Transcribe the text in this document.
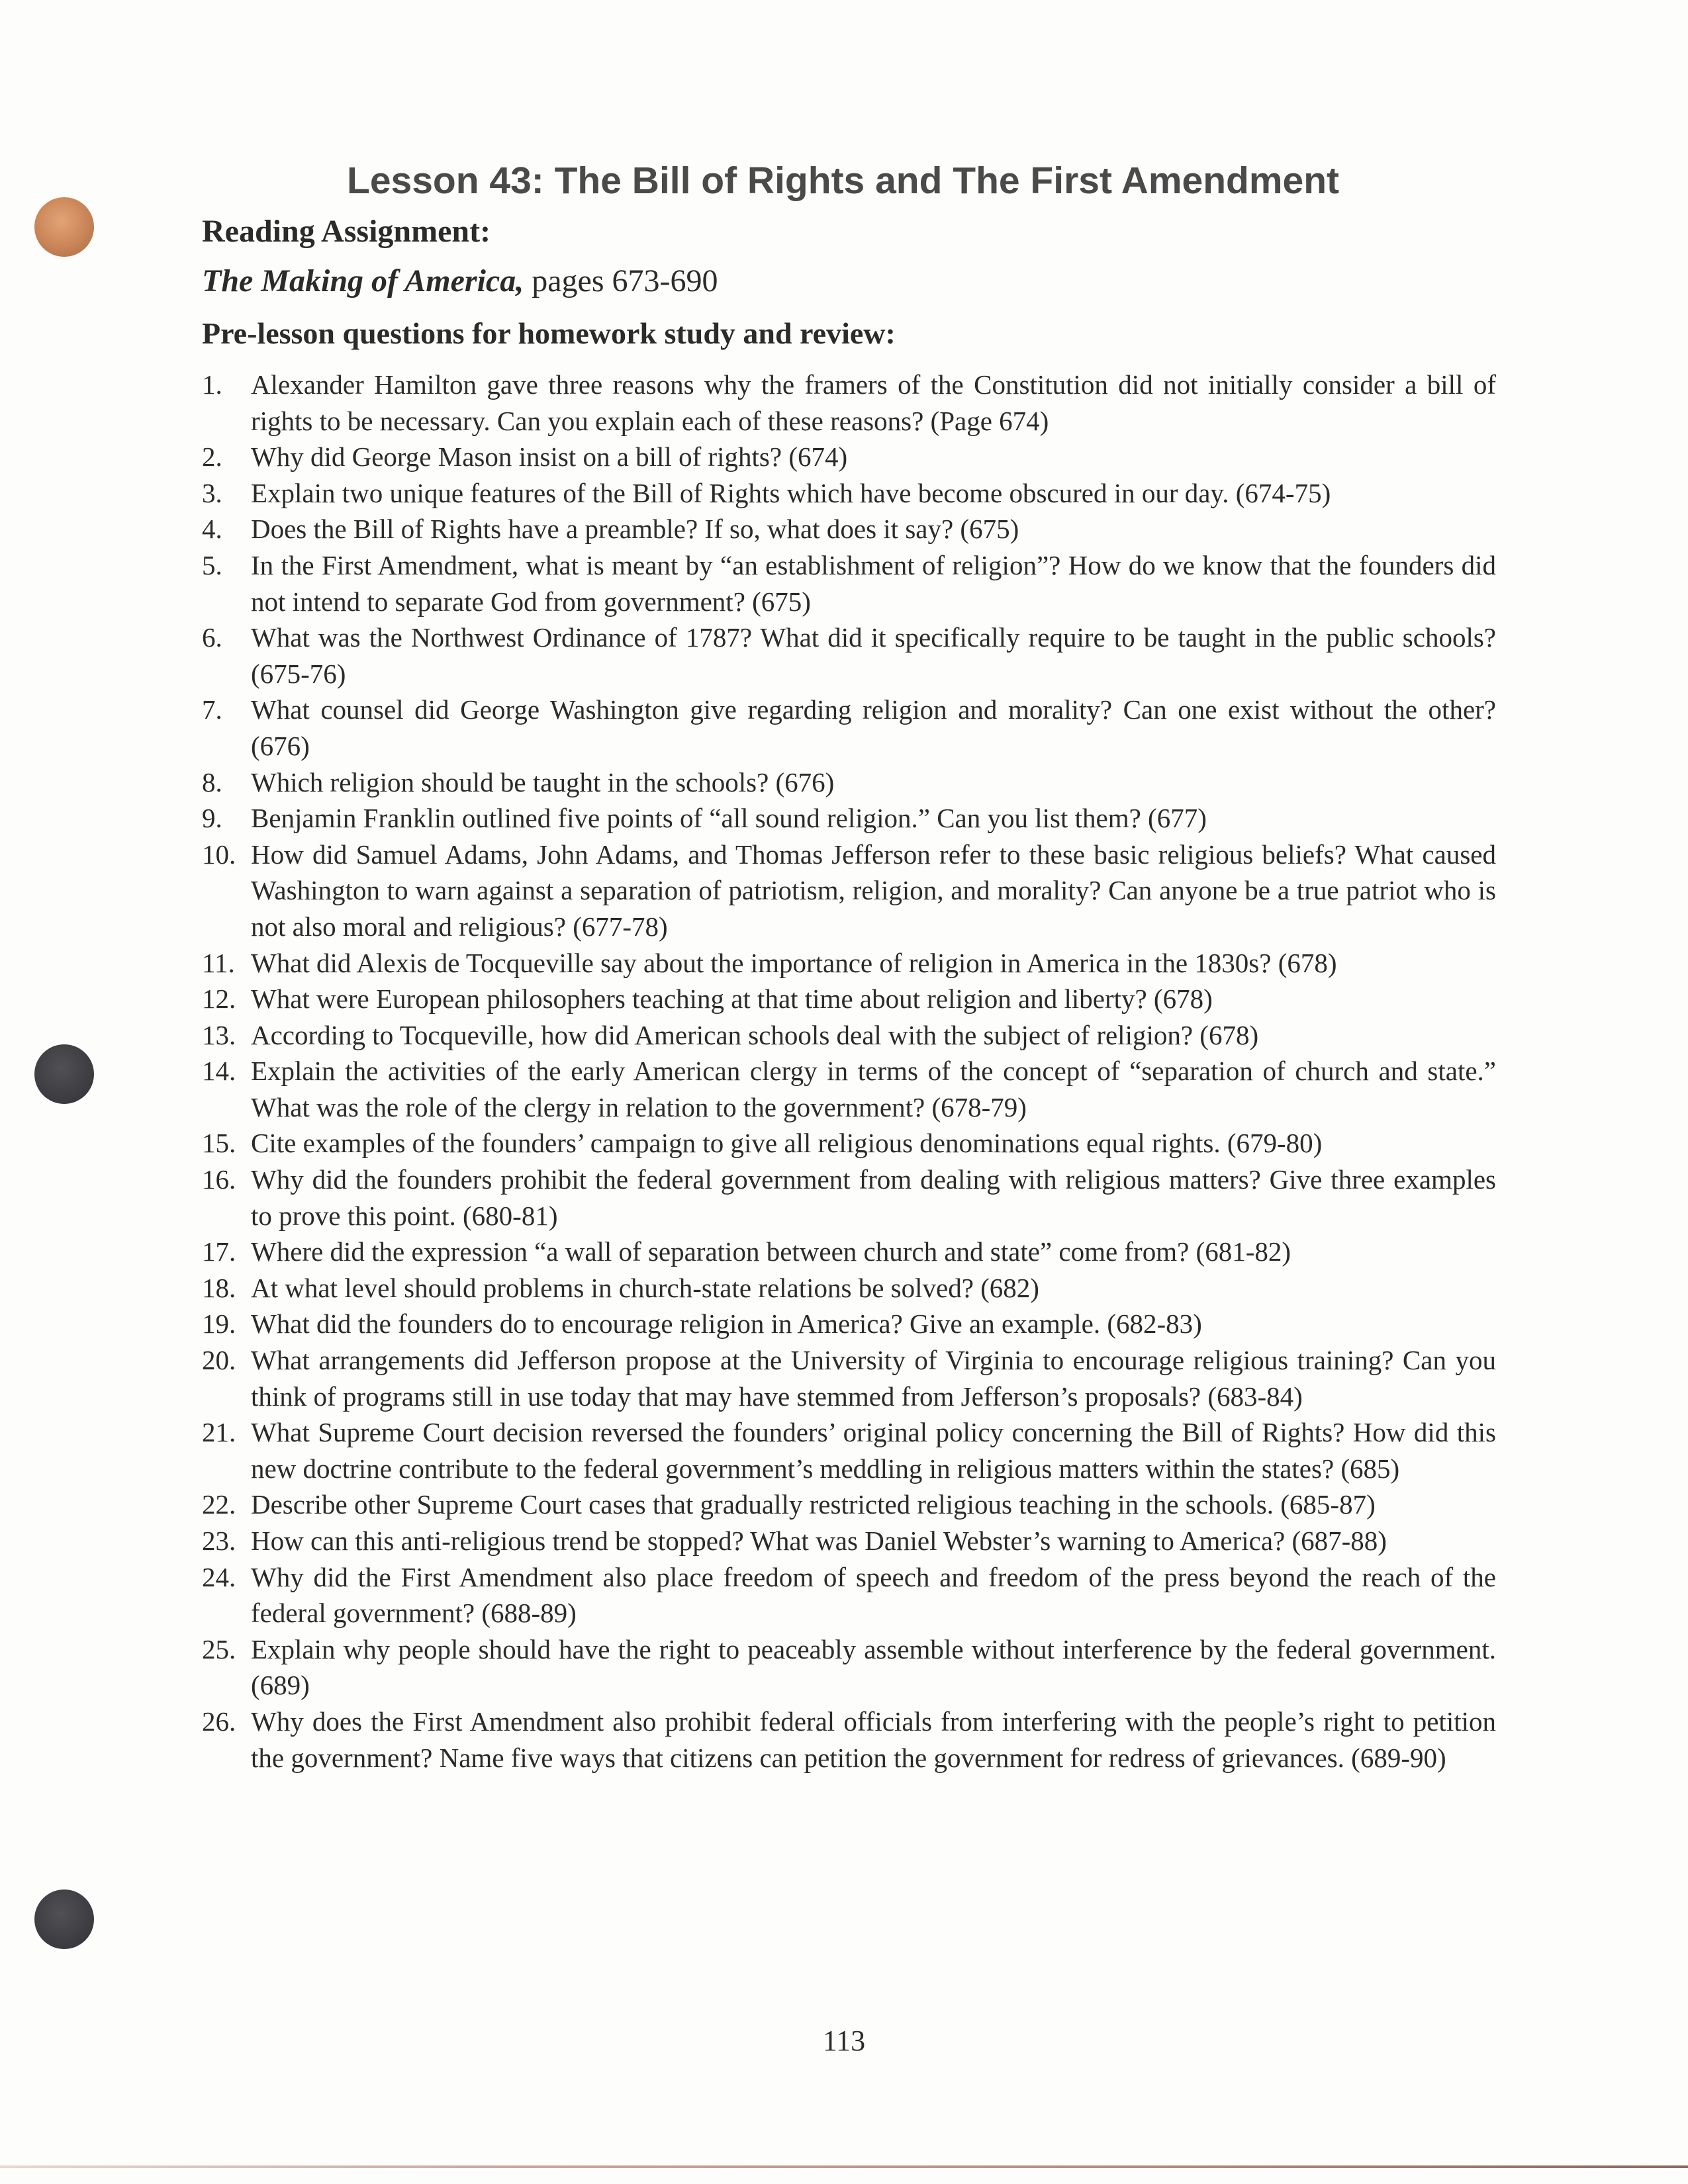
Lesson 43: The Bill of Rights and The First Amendment
Reading Assignment:
The Making of America, pages 673-690
Pre-lesson questions for homework study and review:
1. Alexander Hamilton gave three reasons why the framers of the Constitution did not initially consider a bill of rights to be necessary. Can you explain each of these reasons? (Page 674)
2. Why did George Mason insist on a bill of rights? (674)
3. Explain two unique features of the Bill of Rights which have become obscured in our day. (674-75)
4. Does the Bill of Rights have a preamble? If so, what does it say? (675)
5. In the First Amendment, what is meant by “an establishment of religion”? How do we know that the founders did not intend to separate God from government? (675)
6. What was the Northwest Ordinance of 1787? What did it specifically require to be taught in the public schools? (675-76)
7. What counsel did George Washington give regarding religion and morality? Can one exist without the other? (676)
8. Which religion should be taught in the schools? (676)
9. Benjamin Franklin outlined five points of “all sound religion.” Can you list them? (677)
10. How did Samuel Adams, John Adams, and Thomas Jefferson refer to these basic religious beliefs? What caused Washington to warn against a separation of patriotism, religion, and morality? Can anyone be a true patriot who is not also moral and religious? (677-78)
11. What did Alexis de Tocqueville say about the importance of religion in America in the 1830s? (678)
12. What were European philosophers teaching at that time about religion and liberty? (678)
13. According to Tocqueville, how did American schools deal with the subject of religion? (678)
14. Explain the activities of the early American clergy in terms of the concept of “separation of church and state.” What was the role of the clergy in relation to the government? (678-79)
15. Cite examples of the founders’ campaign to give all religious denominations equal rights. (679-80)
16. Why did the founders prohibit the federal government from dealing with religious matters? Give three examples to prove this point. (680-81)
17. Where did the expression “a wall of separation between church and state” come from? (681-82)
18. At what level should problems in church-state relations be solved? (682)
19. What did the founders do to encourage religion in America? Give an example. (682-83)
20. What arrangements did Jefferson propose at the University of Virginia to encourage religious training? Can you think of programs still in use today that may have stemmed from Jefferson’s proposals? (683-84)
21. What Supreme Court decision reversed the founders’ original policy concerning the Bill of Rights? How did this new doctrine contribute to the federal government’s meddling in religious matters within the states? (685)
22. Describe other Supreme Court cases that gradually restricted religious teaching in the schools. (685-87)
23. How can this anti-religious trend be stopped? What was Daniel Webster’s warning to America? (687-88)
24. Why did the First Amendment also place freedom of speech and freedom of the press beyond the reach of the federal government? (688-89)
25. Explain why people should have the right to peaceably assemble without interference by the federal government. (689)
26. Why does the First Amendment also prohibit federal officials from interfering with the people’s right to petition the government? Name five ways that citizens can petition the government for redress of grievances. (689-90)
113
